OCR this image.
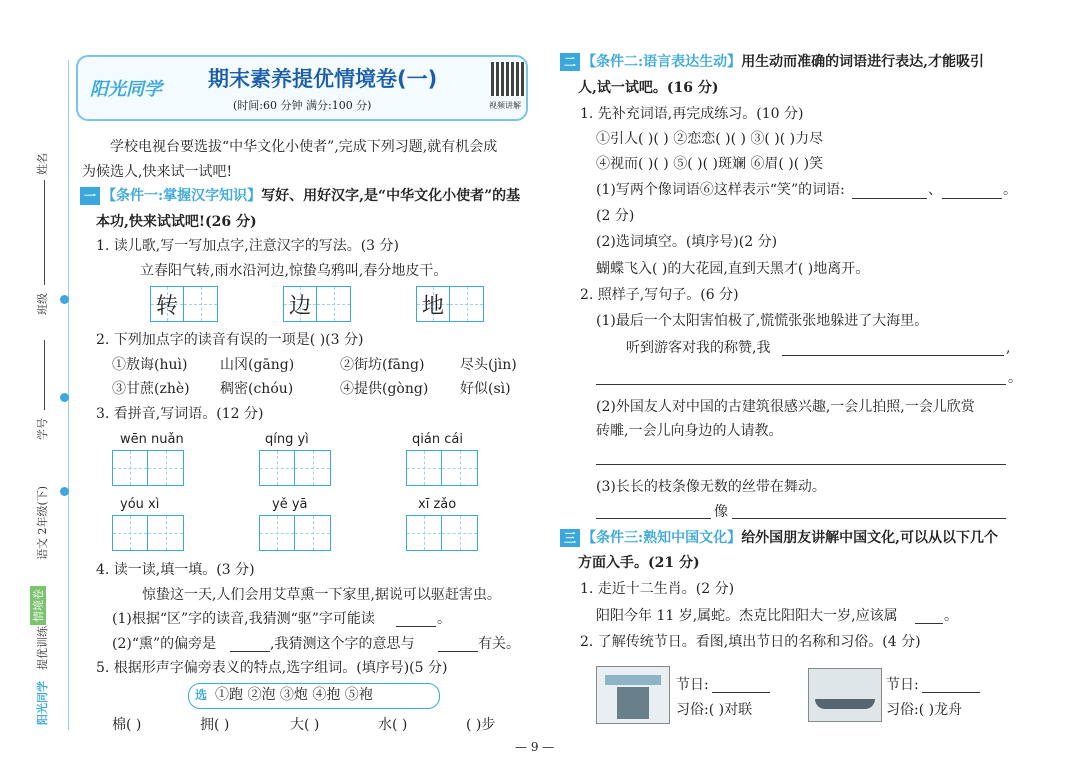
姓名
班级
学号
语文 2年级(下)
情境卷
提优训练
阳光同学
阳光同学 期末素养提优情境卷(一)
(时间:60 分钟 满分:100 分)	视频讲解
学校电视台要选拔“中华文化小使者”,完成下列习题,就有机会成
为候选人,快来试一试吧!
一 【条件一:掌握汉字知识】写好、用好汉字,是“中华文化小使者”的基
本功,快来试试吧!(26 分)
1. 读儿歌,写一写加点字,注意汉字的写法。(3 分)
立春阳气转,雨水沿河边,惊蛰乌鸦叫,春分地皮干。
转	边	地
2. 下列加点字的读音有误的一项是( )(3 分)
①敖诲(huì) 山冈(gāng)	②街坊(fāng)	尽头(jìn)
③甘蔗(zhè) 稠密(chóu)	④提供(gòng) 好似(sì)
3. 看拼音,写词语。(12 分)
wēn nuǎn	qíng yì	qián cái
yóu xì	yě yā	xī zǎo
4. 读一读,填一填。(3 分)
惊蛰这一天,人们会用艾草熏一下家里,据说可以驱赶害虫。
(1)根据“区”字的读音,我猜测“驱”字可能读	。
(2)“熏”的偏旁是	,我猜测这个字的意思与	有关。
5. 根据形声字偏旁表义的特点,选字组词。(填序号)(5 分)
选 ①跑 ②泡 ③炮 ④抱 ⑤袍
棉( )	拥( )	大( )	水( )	( )步
二 【条件二:语言表达生动】用生动而准确的词语进行表达,才能吸引
人,试一试吧。(16 分)
1. 先补充词语,再完成练习。(10 分)
①引人( )( ) ②恋恋( )( ) ③( )( )力尽
④视而( )( ) ⑤( )( )斑斓 ⑥眉( )( )笑
(1)写两个像词语⑥这样表示“笑”的词语:	、	。
(2 分)
(2)选词填空。(填序号)(2 分)
蝴蝶飞入( )的大花园,直到天黑才( )地离开。
2. 照样子,写句子。(6 分)
(1)最后一个太阳害怕极了,慌慌张张地躲进了大海里。
听到游客对我的称赞,我	,
。
(2)外国友人对中国的古建筑很感兴趣,一会儿拍照,一会儿欣赏
砖雕,一会儿向身边的人请教。
(3)长长的枝条像无数的丝带在舞动。
像
三 【条件三:熟知中国文化】给外国朋友讲解中国文化,可以从以下几个
方面入手。(21 分)
1. 走近十二生肖。(2 分)
阳阳今年 11 岁,属蛇。杰克比阳阳大一岁,应该属	。
2. 了解传统节日。看图,填出节日的名称和习俗。(4 分)
节日:
习俗:( )对联
节日:
习俗:( )龙舟
— 9 —
